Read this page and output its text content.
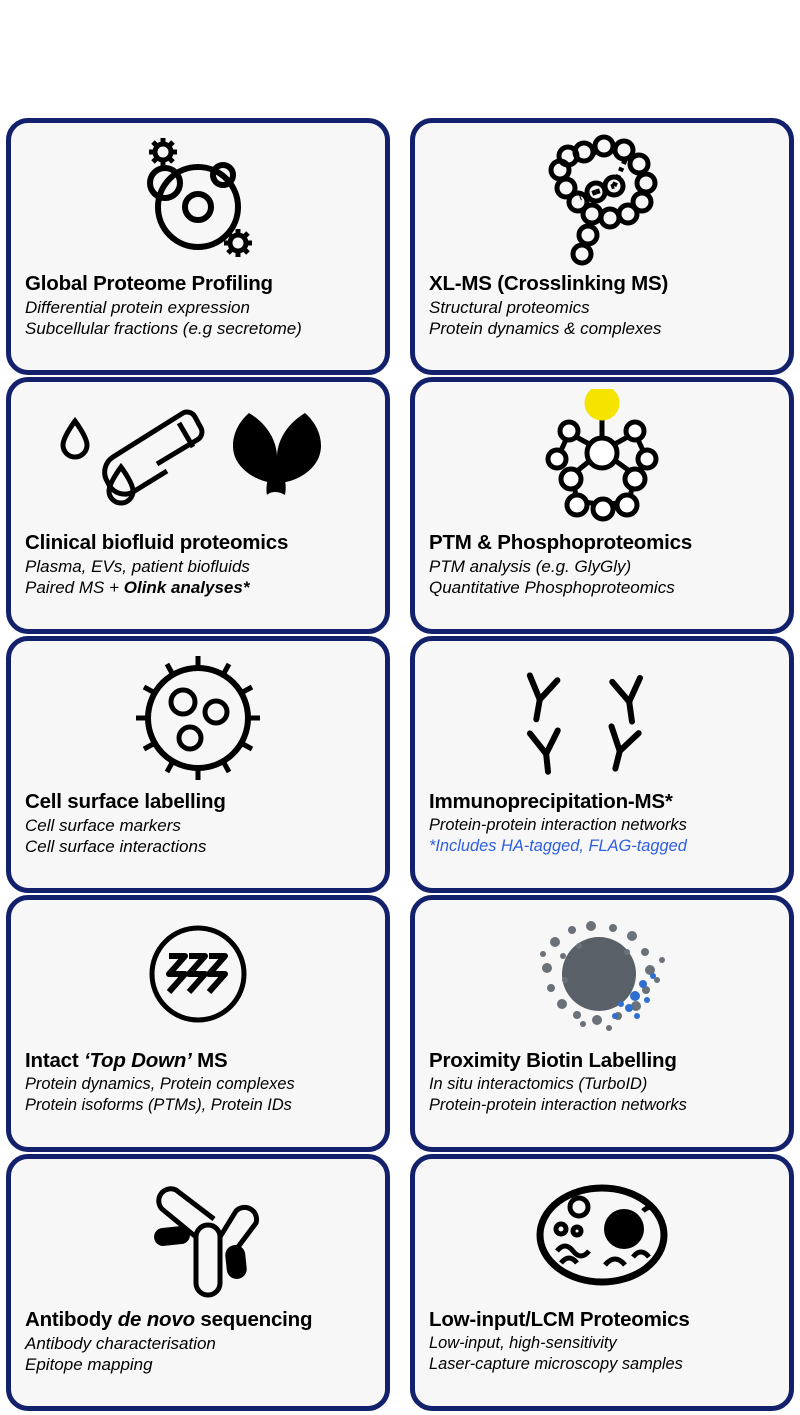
Global Proteome Profiling
Differential protein expression
Subcellular fractions (e.g secretome)
XL-MS (Crosslinking MS)
Structural proteomics
Protein dynamics & complexes
Clinical biofluid proteomics
Plasma, EVs, patient biofluids
Paired MS + Olink analyses*
PTM & Phosphoproteomics
PTM analysis (e.g. GlyGly)
Quantitative Phosphoproteomics
Cell surface labelling
Cell surface markers
Cell surface interactions
Immunoprecipitation-MS*
Protein-protein interaction networks
*Includes HA-tagged, FLAG-tagged
Intact ‘Top Down’ MS
Protein dynamics, Protein complexes
Protein isoforms (PTMs), Protein IDs
Proximity Biotin Labelling
In situ interactomics (TurboID)
Protein-protein interaction networks
Antibody de novo sequencing
Antibody characterisation
Epitope mapping
Low-input/LCM Proteomics
Low-input, high-sensitivity
Laser-capture microscopy samples
